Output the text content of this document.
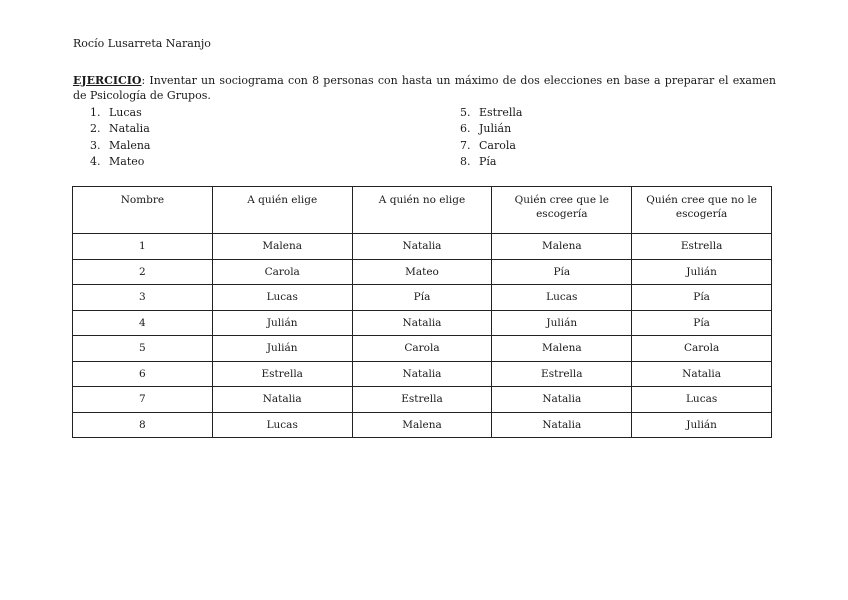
Rocío Lusarreta Naranjo
EJERCICIO: Inventar un sociograma con 8 personas con hasta un máximo de dos elecciones en base a preparar el examen de Psicología de Grupos.
1. Lucas
2. Natalia
3. Malena
4. Mateo
5. Estrella
6. Julián
7. Carola
8. Pía
Nombre	A quién elige	A quién no elige	Quién cree que le escogería	Quién cree que no le escogería
1	Malena	Natalia	Malena	Estrella
2	Carola	Mateo	Pía	Julián
3	Lucas	Pía	Lucas	Pía
4	Julián	Natalia	Julián	Pía
5	Julián	Carola	Malena	Carola
6	Estrella	Natalia	Estrella	Natalia
7	Natalia	Estrella	Natalia	Lucas
8	Lucas	Malena	Natalia	Julián
